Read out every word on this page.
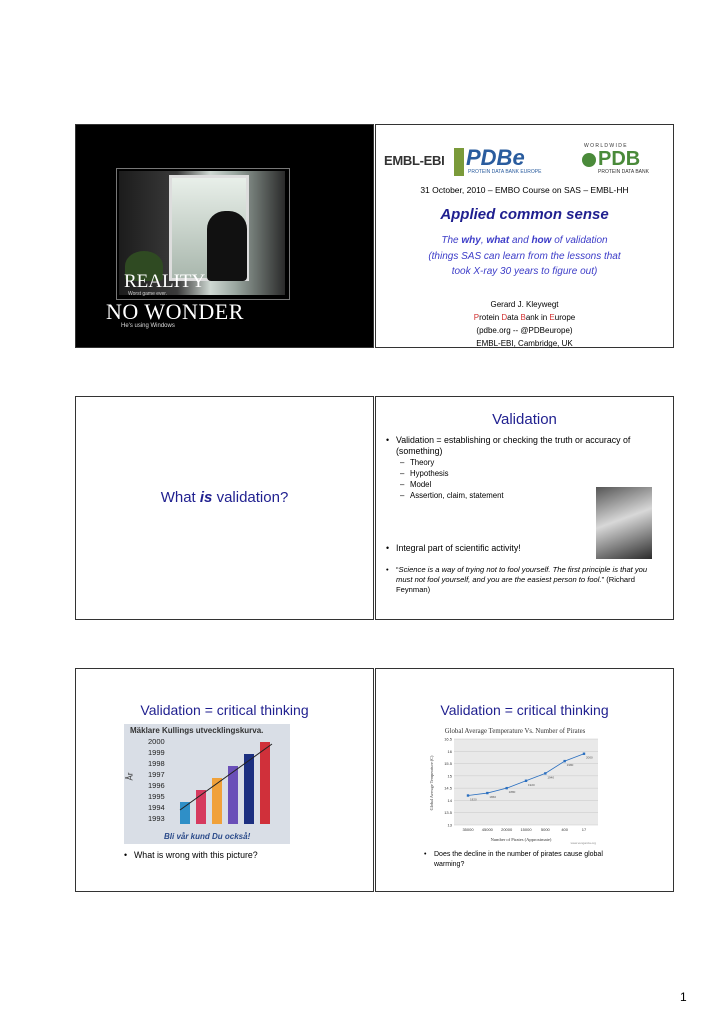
REALITY
Worst game ever.
NO WONDER
He's using Windows
EMBL-EBI PDBe
PROTEIN DATA BANK EUROPE
W O R L D W I D E
PDB
PROTEIN DATA BANK
31 October, 2010 – EMBO Course on SAS – EMBL-HH
Applied common sense
The why, what and how of validation
(things SAS can learn from the lessons that
took X-ray 30 years to figure out)
Gerard J. Kleywegt
Protein Data Bank in Europe
(pdbe.org -- @PDBeurope)
EMBL-EBI, Cambridge, UK
What is validation?
Validation
• Validation = establishing or checking the truth or accuracy of (something)
– Theory
– Hypothesis
– Model
– Assertion, claim, statement
• Integral part of scientific activity!
• “Science is a way of trying not to fool yourself. The first principle is that you must not fool yourself, and you are the easiest person to fool.” (Richard Feynman)
Validation = critical thinking
Mäklare Kullings utvecklingskurva.
År
2000
1999
1998
1997
1996
1995
1994
1993
Bli vår kund Du också!
• What is wrong with this picture?
Validation = critical thinking
Global Average Temperature Vs. Number of Pirates
16.5
16
15.5
15
14.5
14
13.5
13
35000 45000 20000 15000 5000	400	17
1820
1860
1880
1920
1940
1980
2000
Number of Pirates (Approximate)
Global Average Temperature (C)
www.venganza.org
• Does the decline in the number of pirates cause global warming?
1
